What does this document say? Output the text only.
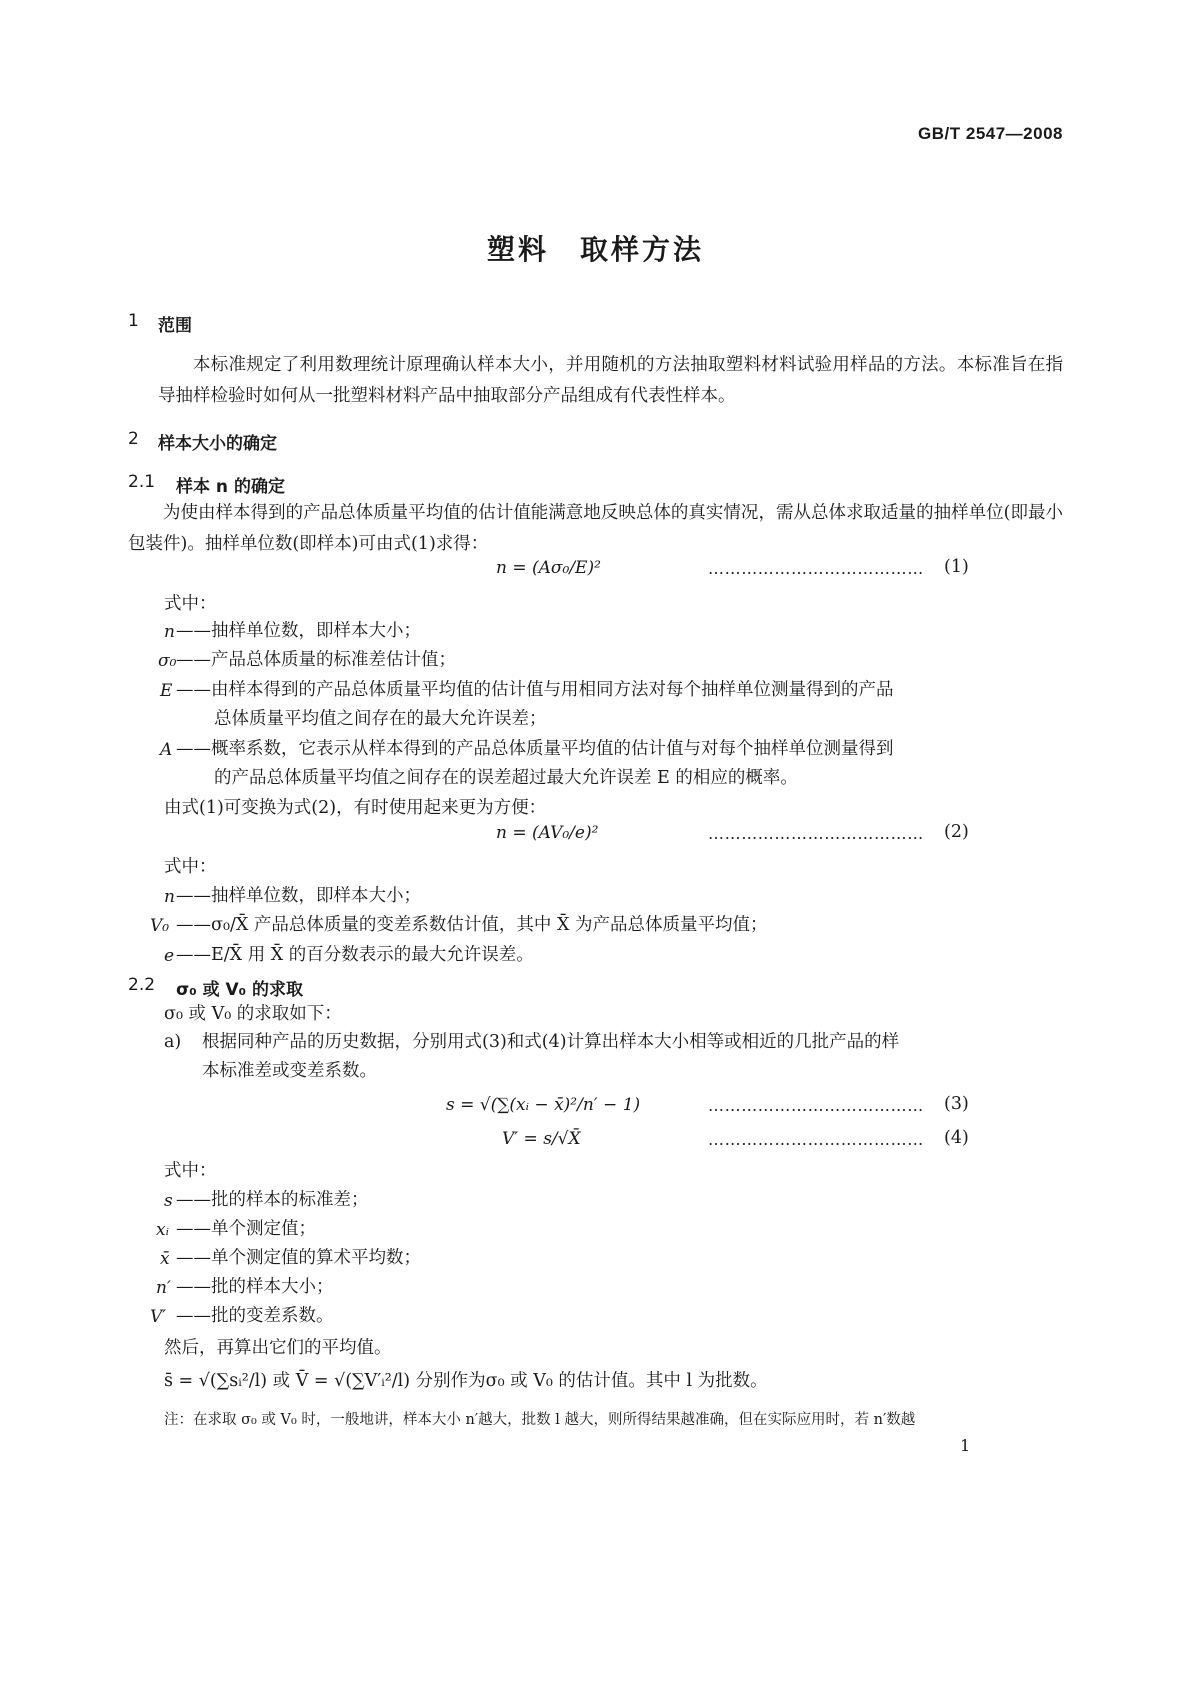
GB/T 2547—2008
塑料　取样方法
1 范围
本标准规定了利用数理统计原理确认样本大小，并用随机的方法抽取塑料材料试验用样品的方法。本标准旨在指导抽样检验时如何从一批塑料材料产品中抽取部分产品组成有代表性样本。
2 样本大小的确定
2.1 样本 n 的确定
为使由样本得到的产品总体质量平均值的估计值能满意地反映总体的真实情况，需从总体求取适量的抽样单位(即最小包装件)。抽样单位数(即样本)可由式(1)求得：
n = (Aσ₀/E)²	………………………………… (1)
式中：
n ——抽样单位数，即样本大小；
σ₀ ——产品总体质量的标准差估计值；
E ——由样本得到的产品总体质量平均值的估计值与用相同方法对每个抽样单位测量得到的产品
总体质量平均值之间存在的最大允许误差；
A ——概率系数，它表示从样本得到的产品总体质量平均值的估计值与对每个抽样单位测量得到
的产品总体质量平均值之间存在的误差超过最大允许误差 E 的相应的概率。
由式(1)可变换为式(2)，有时使用起来更为方便：
n = (AV₀/e)²	………………………………… (2)
式中：
n ——抽样单位数，即样本大小；
V₀ ——σ₀/X̄ 产品总体质量的变差系数估计值，其中 X̄ 为产品总体质量平均值；
e ——E/X̄ 用 X̄ 的百分数表示的最大允许误差。
2.2 σ₀ 或 V₀ 的求取
σ₀ 或 V₀ 的求取如下：
a) 根据同种产品的历史数据，分别用式(3)和式(4)计算出样本大小相等或相近的几批产品的样
本标准差或变差系数。
s = √(∑(xᵢ − x̄)²/n′ − 1)	………………………………… (3)
V′ = s/√X̄	………………………………… (4)
式中：
s ——批的样本的标准差；
xᵢ ——单个测定值；
x̄ ——单个测定值的算术平均数；
n′ ——批的样本大小；
V′ ——批的变差系数。
然后，再算出它们的平均值。
s̄ = √(∑sᵢ²/l) 或 V̄ = √(∑V′ᵢ²/l) 分别作为σ₀ 或 V₀ 的估计值。其中 l 为批数。
注：在求取 σ₀ 或 V₀ 时，一般地讲，样本大小 n′越大，批数 l 越大，则所得结果越准确，但在实际应用时，若 n′数越
1
